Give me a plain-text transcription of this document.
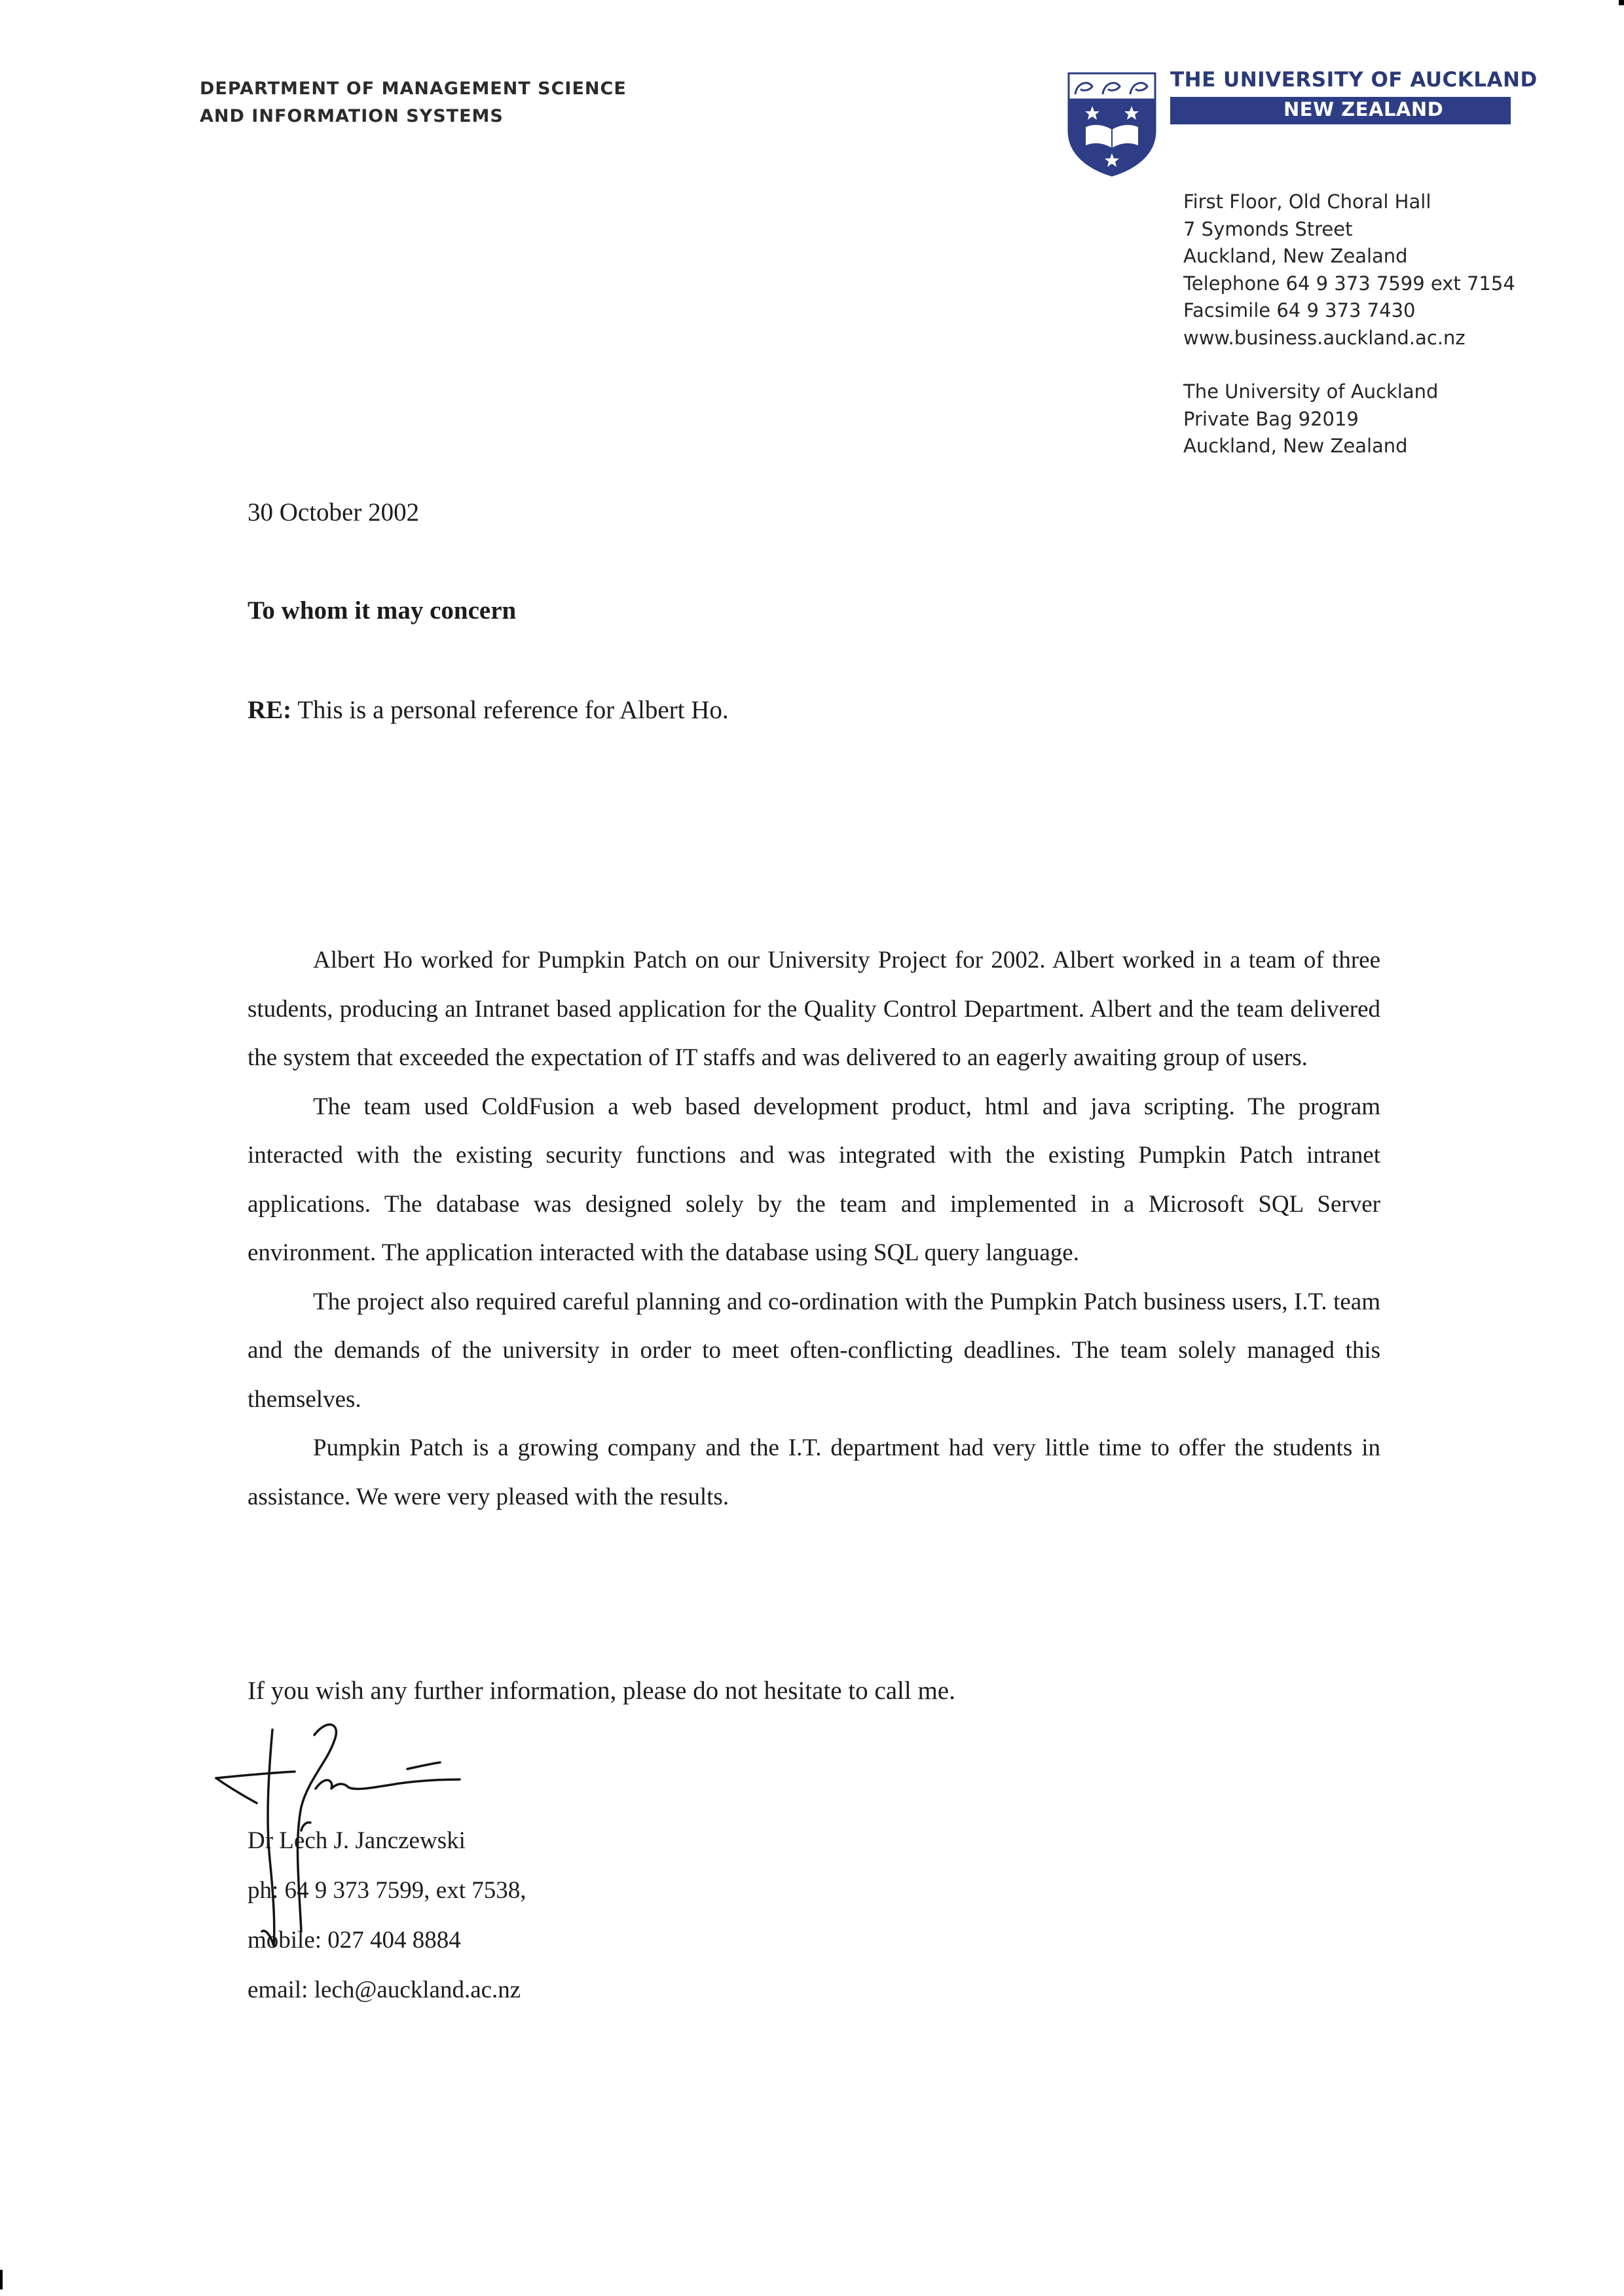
DEPARTMENT OF MANAGEMENT SCIENCE
AND INFORMATION SYSTEMS
THE UNIVERSITY OF AUCKLAND
NEW ZEALAND
First Floor, Old Choral Hall
7 Symonds Street
Auckland, New Zealand
Telephone 64 9 373 7599 ext 7154
Facsimile 64 9 373 7430
www.business.auckland.ac.nz
The University of Auckland
Private Bag 92019
Auckland, New Zealand
30 October 2002
To whom it may concern
RE: This is a personal reference for Albert Ho.

Albert Ho worked for Pumpkin Patch on our University Project for 2002. Albert worked in a team of three students, producing an Intranet based application for the Quality Control Department. Albert and the team delivered the system that exceeded the expectation of IT staffs and was delivered to an eagerly awaiting group of users.

The team used ColdFusion a web based development product, html and java scripting. The program interacted with the existing security functions and was integrated with the existing Pumpkin Patch intranet applications. The database was designed solely by the team and implemented in a Microsoft SQL Server environment. The application interacted with the database using SQL query language.

The project also required careful planning and co-ordination with the Pumpkin Patch business users, I.T. team and the demands of the university in order to meet often-conflicting deadlines. The team solely managed this themselves.

Pumpkin Patch is a growing company and the I.T. department had very little time to offer the students in assistance. We were very pleased with the results.

If you wish any further information, please do not hesitate to call me.
Dr Lech J. Janczewski
ph: 64 9 373 7599, ext 7538,
mobile: 027 404 8884
email: lech@auckland.ac.nz
